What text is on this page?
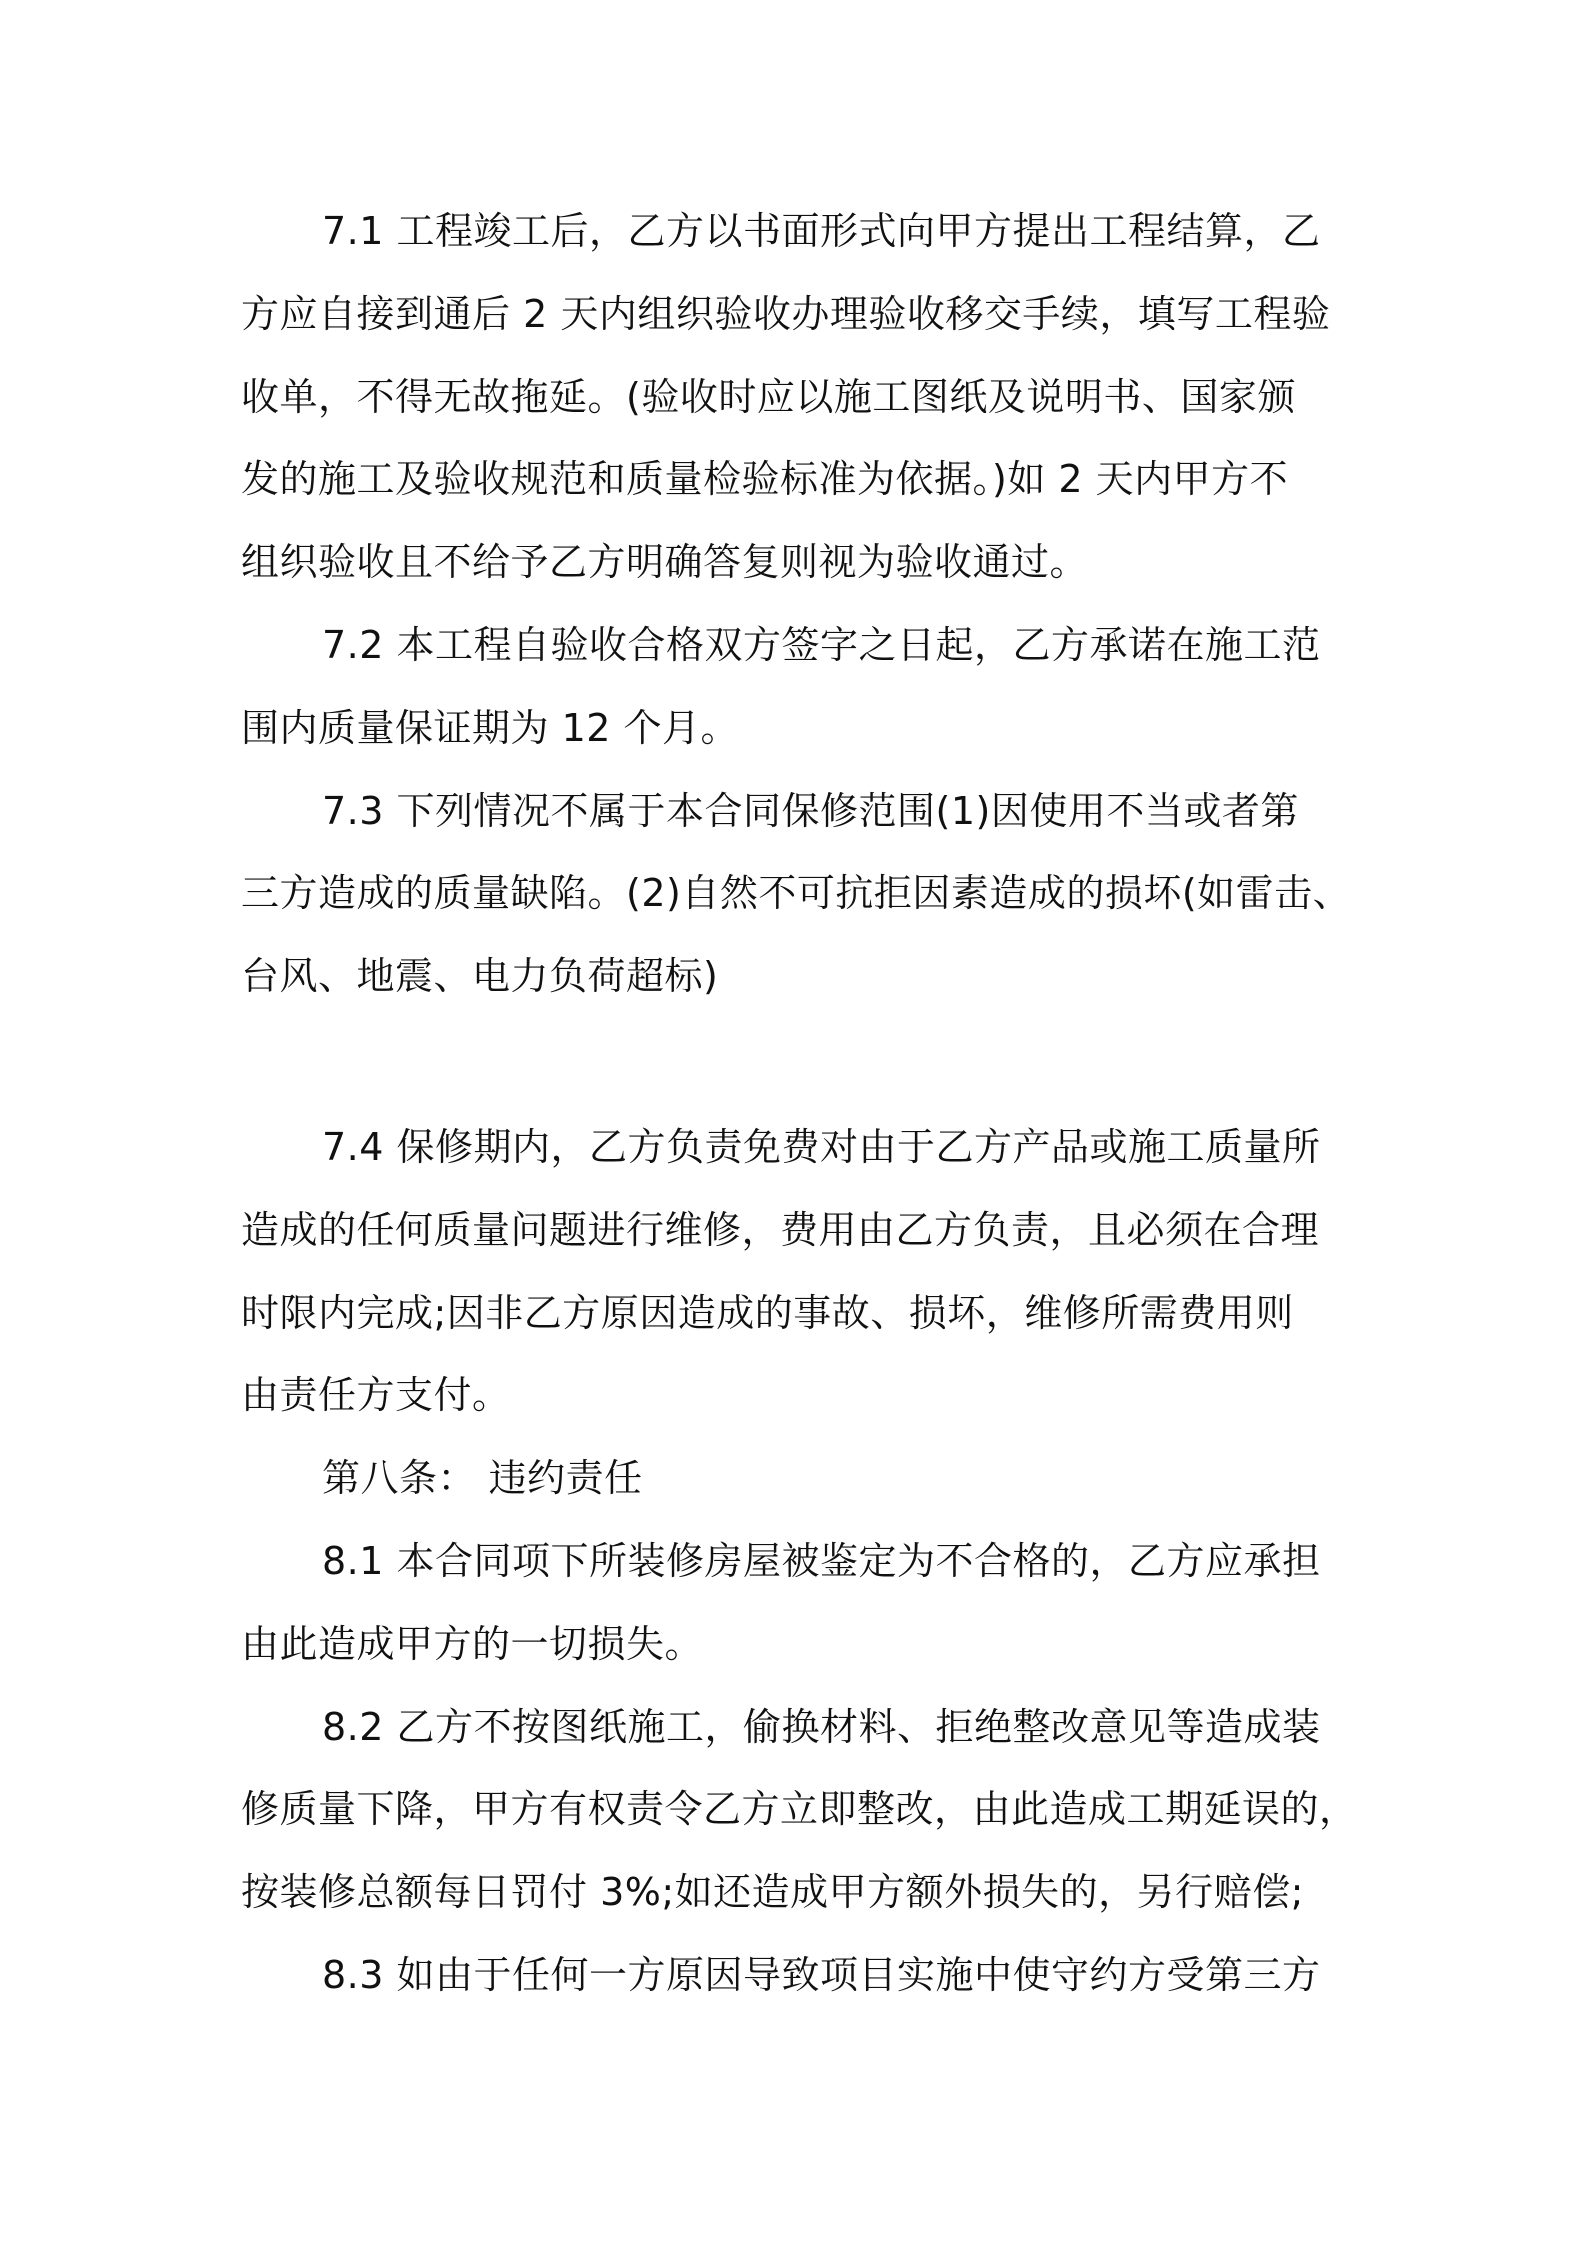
7.1 工程竣工后，乙方以书面形式向甲方提出工程结算，乙
方应自接到通后 2 天内组织验收办理验收移交手续，填写工程验
收单，不得无故拖延。(验收时应以施工图纸及说明书、国家颁
发的施工及验收规范和质量检验标准为依据。)如 2 天内甲方不
组织验收且不给予乙方明确答复则视为验收通过。
7.2 本工程自验收合格双方签字之日起，乙方承诺在施工范
围内质量保证期为 12 个月。
7.3 下列情况不属于本合同保修范围(1)因使用不当或者第
三方造成的质量缺陷。(2)自然不可抗拒因素造成的损坏(如雷击、
台风、地震、电力负荷超标)
7.4 保修期内，乙方负责免费对由于乙方产品或施工质量所
造成的任何质量问题进行维修，费用由乙方负责，且必须在合理
时限内完成;因非乙方原因造成的事故、损坏，维修所需费用则
由责任方支付。
第八条： 违约责任
8.1 本合同项下所装修房屋被鉴定为不合格的，乙方应承担
由此造成甲方的一切损失。
8.2 乙方不按图纸施工，偷换材料、拒绝整改意见等造成装
修质量下降，甲方有权责令乙方立即整改，由此造成工期延误的，
按装修总额每日罚付 3%;如还造成甲方额外损失的，另行赔偿;
8.3 如由于任何一方原因导致项目实施中使守约方受第三方
